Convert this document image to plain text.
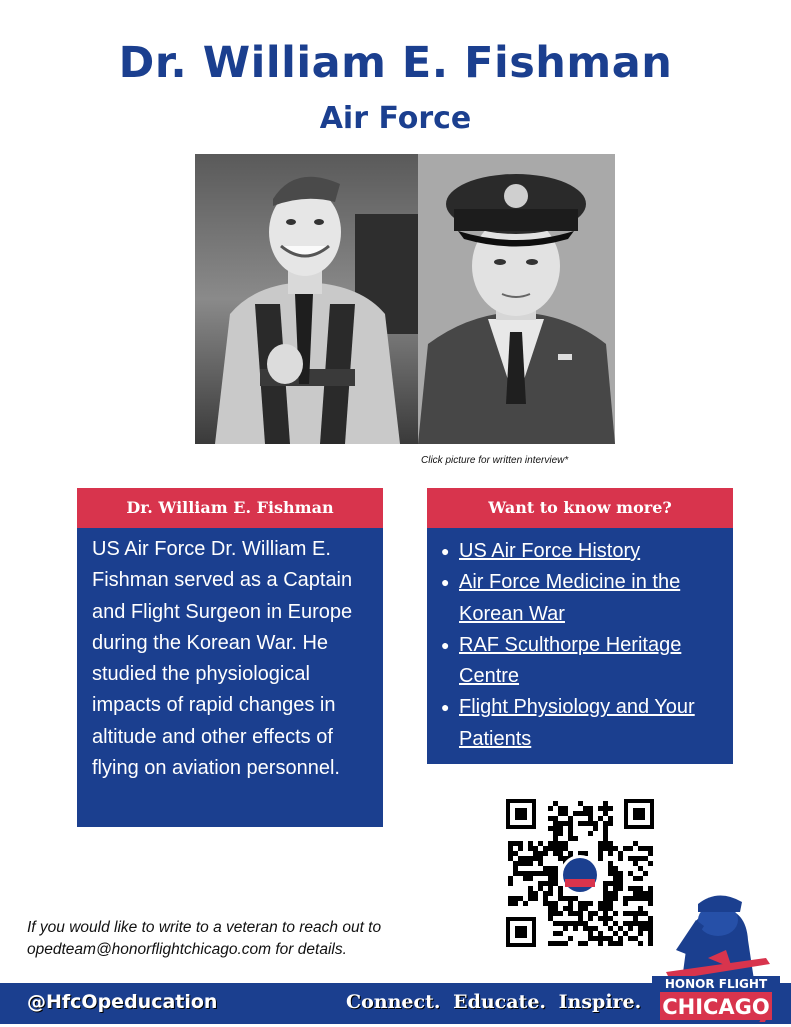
Dr. William E. Fishman
Air Force
Click picture for written interview*
Dr. William E. Fishman
US Air Force Dr. William E. Fishman served as a Captain and Flight Surgeon in Europe during the Korean War. He studied the physiological impacts of rapid changes in altitude and other effects of flying on aviation personnel.
Want to know more?
● US Air Force History
● Air Force Medicine in the Korean War
● RAF Sculthorpe Heritage Centre
● Flight Physiology and Your Patients
If you would like to write to a veteran to reach out to
opedteam@honorflightchicago.com for details.
@HfcOpeducation	Connect. Educate. Inspire.
HONOR FLIGHT
CHICAGO
